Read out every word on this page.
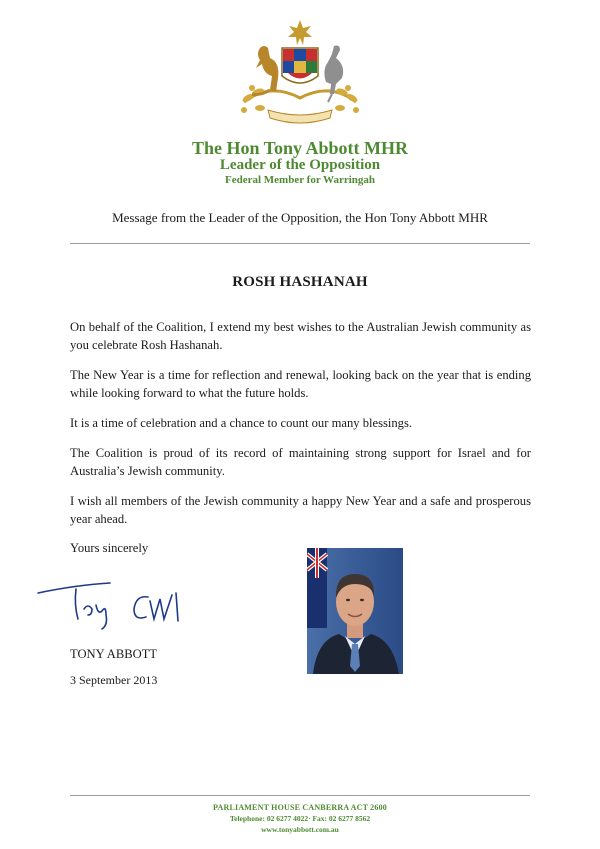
The Hon Tony Abbott MHR
Leader of the Opposition
Federal Member for Warringah
Message from the Leader of the Opposition, the Hon Tony Abbott MHR
ROSH HASHANAH
On behalf of the Coalition, I extend my best wishes to the Australian Jewish community as you celebrate Rosh Hashanah.
The New Year is a time for reflection and renewal, looking back on the year that is ending while looking forward to what the future holds.
It is a time of celebration and a chance to count our many blessings.
The Coalition is proud of its record of maintaining strong support for Israel and for Australia’s Jewish community.
I wish all members of the Jewish community a happy New Year and a safe and prosperous year ahead.
Yours sincerely
TONY ABBOTT
3 September 2013
PARLIAMENT HOUSE CANBERRA ACT 2600
Telephone: 02 6277 4022· Fax: 02 6277 8562
www.tonyabbott.com.au
